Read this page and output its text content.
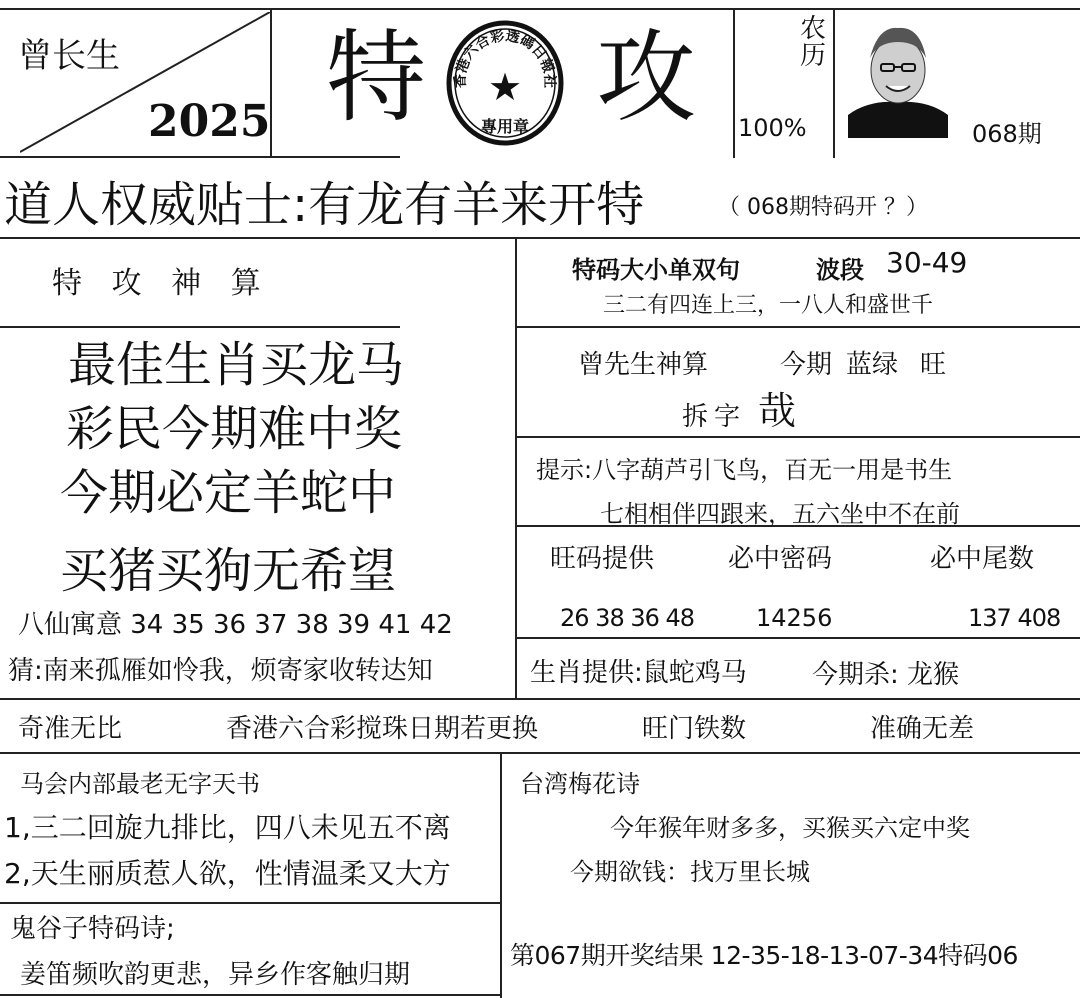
曾长生
2025 特 攻
香港六合彩透碼日報社
★
專用章
农历
100%	068期
道人权威贴士:有龙有羊来开特	（ 068期特码开 ？）
特 攻 神 算
最佳生肖买龙马
彩民今期难中奖
今期必定羊蛇中
买猪买狗无希望
八仙寓意 34 35 36 37 38 39 41 42
猜:南来孤雁如怜我，烦寄家收转达知
特码大小单双句	波段 30-49
三二有四连上三，一八人和盛世千
曾先生神算	今期 蓝绿 旺
拆字 哉
提示:八字葫芦引飞鸟，百无一用是书生
七相相伴四跟来，五六坐中不在前
旺码提供	必中密码	必中尾数
26 38 36 48	14256	137 408
生肖提供:鼠蛇鸡马	今期杀: 龙猴
奇准无比	香港六合彩搅珠日期若更换	旺门铁数	准确无差
马会内部最老无字天书
1,三二回旋九排比，四八未见五不离
2,天生丽质惹人欲，性情温柔又大方
台湾梅花诗
今年猴年财多多，买猴买六定中奖
今期欲钱：找万里长城
鬼谷子特码诗;
姜笛频吹韵更悲，异乡作客触归期
第067期开奖结果 12-35-18-13-07-34特码06
